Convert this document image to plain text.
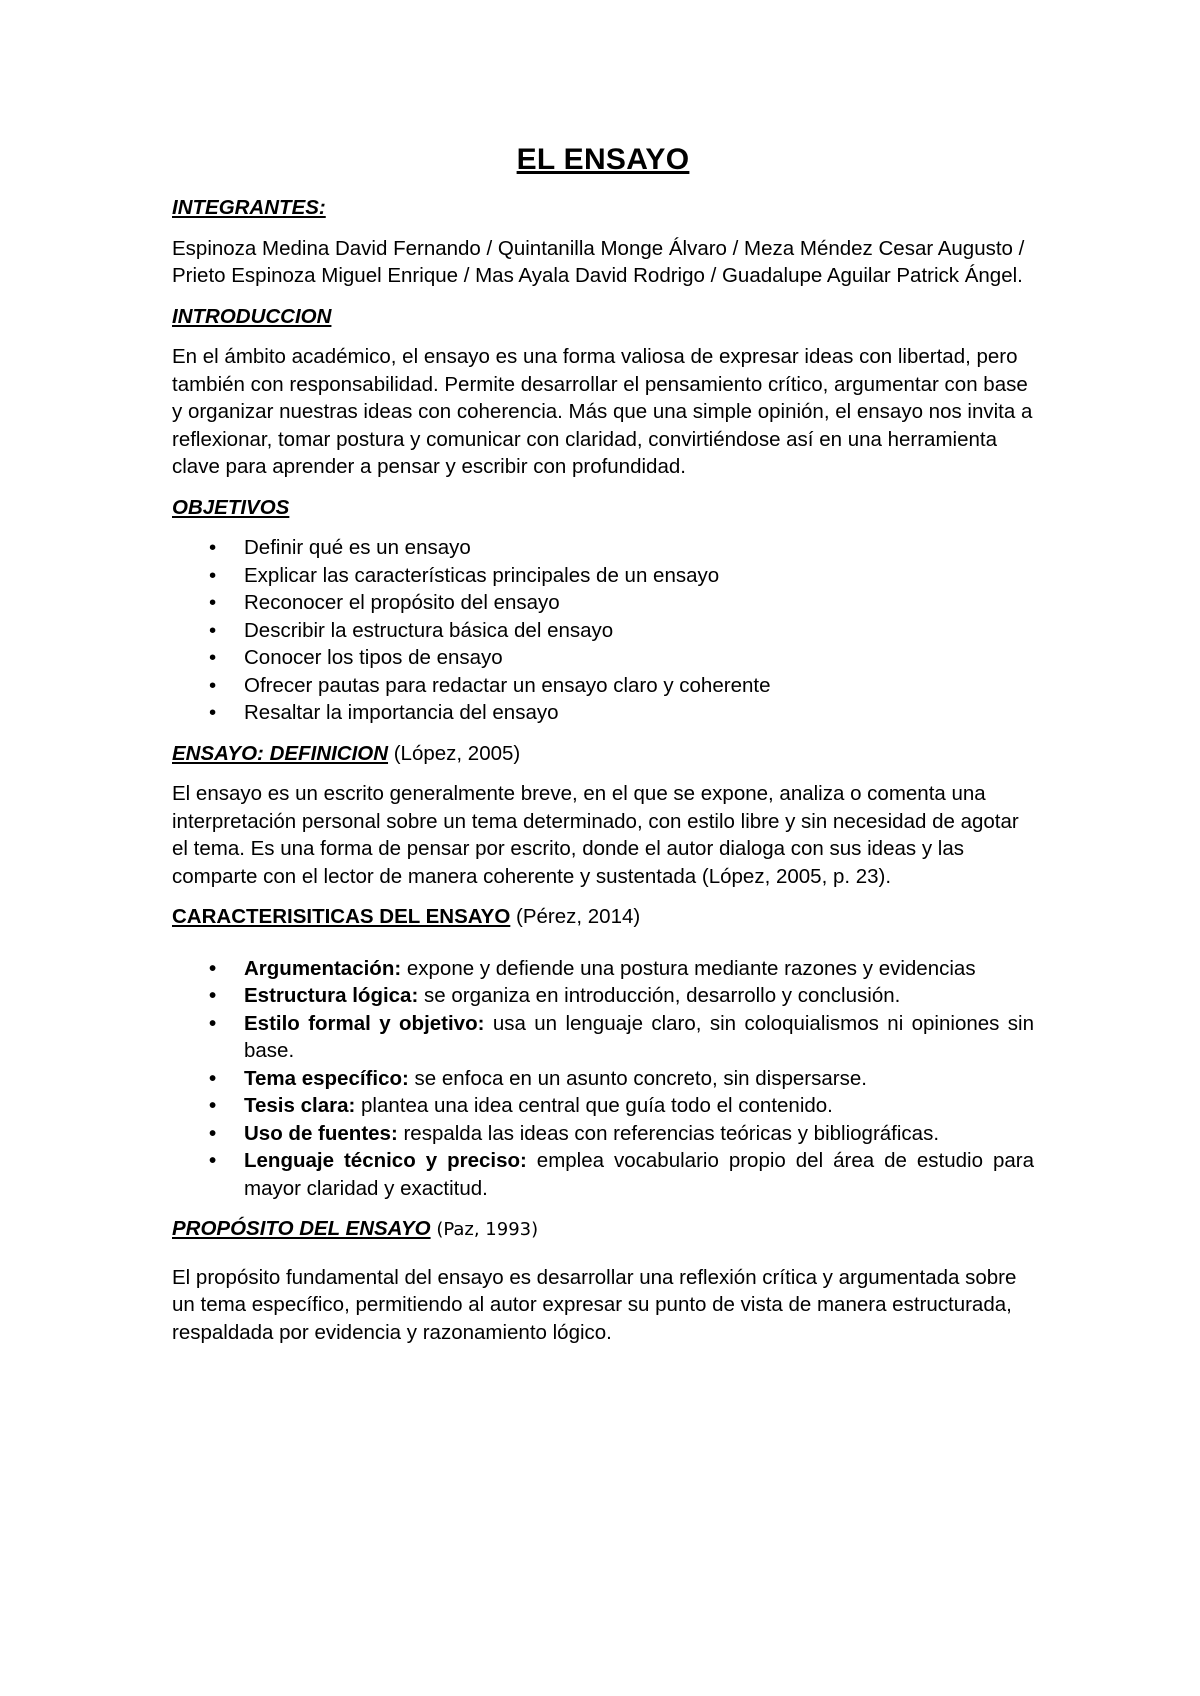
EL ENSAYO
INTEGRANTES:

Espinoza Medina David Fernando / Quintanilla Monge Álvaro / Meza Méndez Cesar Augusto / Prieto Espinoza Miguel Enrique / Mas Ayala David Rodrigo / Guadalupe Aguilar Patrick Ángel.

INTRODUCCION

En el ámbito académico, el ensayo es una forma valiosa de expresar ideas con libertad, pero también con responsabilidad. Permite desarrollar el pensamiento crítico, argumentar con base y organizar nuestras ideas con coherencia. Más que una simple opinión, el ensayo nos invita a reflexionar, tomar postura y comunicar con claridad, convirtiéndose así en una herramienta clave para aprender a pensar y escribir con profundidad.

OBJETIVOS
• Definir qué es un ensayo
• Explicar las características principales de un ensayo
• Reconocer el propósito del ensayo
• Describir la estructura básica del ensayo
• Conocer los tipos de ensayo
• Ofrecer pautas para redactar un ensayo claro y coherente
• Resaltar la importancia del ensayo
ENSAYO: DEFINICION (López, 2005)

El ensayo es un escrito generalmente breve, en el que se expone, analiza o comenta una interpretación personal sobre un tema determinado, con estilo libre y sin necesidad de agotar el tema. Es una forma de pensar por escrito, donde el autor dialoga con sus ideas y las comparte con el lector de manera coherente y sustentada (López, 2005, p. 23).

CARACTERISITICAS DEL ENSAYO (Pérez, 2014)
• Argumentación: expone y defiende una postura mediante razones y evidencias
• Estructura lógica: se organiza en introducción, desarrollo y conclusión.
• Estilo formal y objetivo: usa un lenguaje claro, sin coloquialismos ni opiniones sin base.
• Tema específico: se enfoca en un asunto concreto, sin dispersarse.
• Tesis clara: plantea una idea central que guía todo el contenido.
• Uso de fuentes: respalda las ideas con referencias teóricas y bibliográficas.
• Lenguaje técnico y preciso: emplea vocabulario propio del área de estudio para mayor claridad y exactitud.
PROPÓSITO DEL ENSAYO (Paz, 1993)

El propósito fundamental del ensayo es desarrollar una reflexión crítica y argumentada sobre un tema específico, permitiendo al autor expresar su punto de vista de manera estructurada, respaldada por evidencia y razonamiento lógico.
